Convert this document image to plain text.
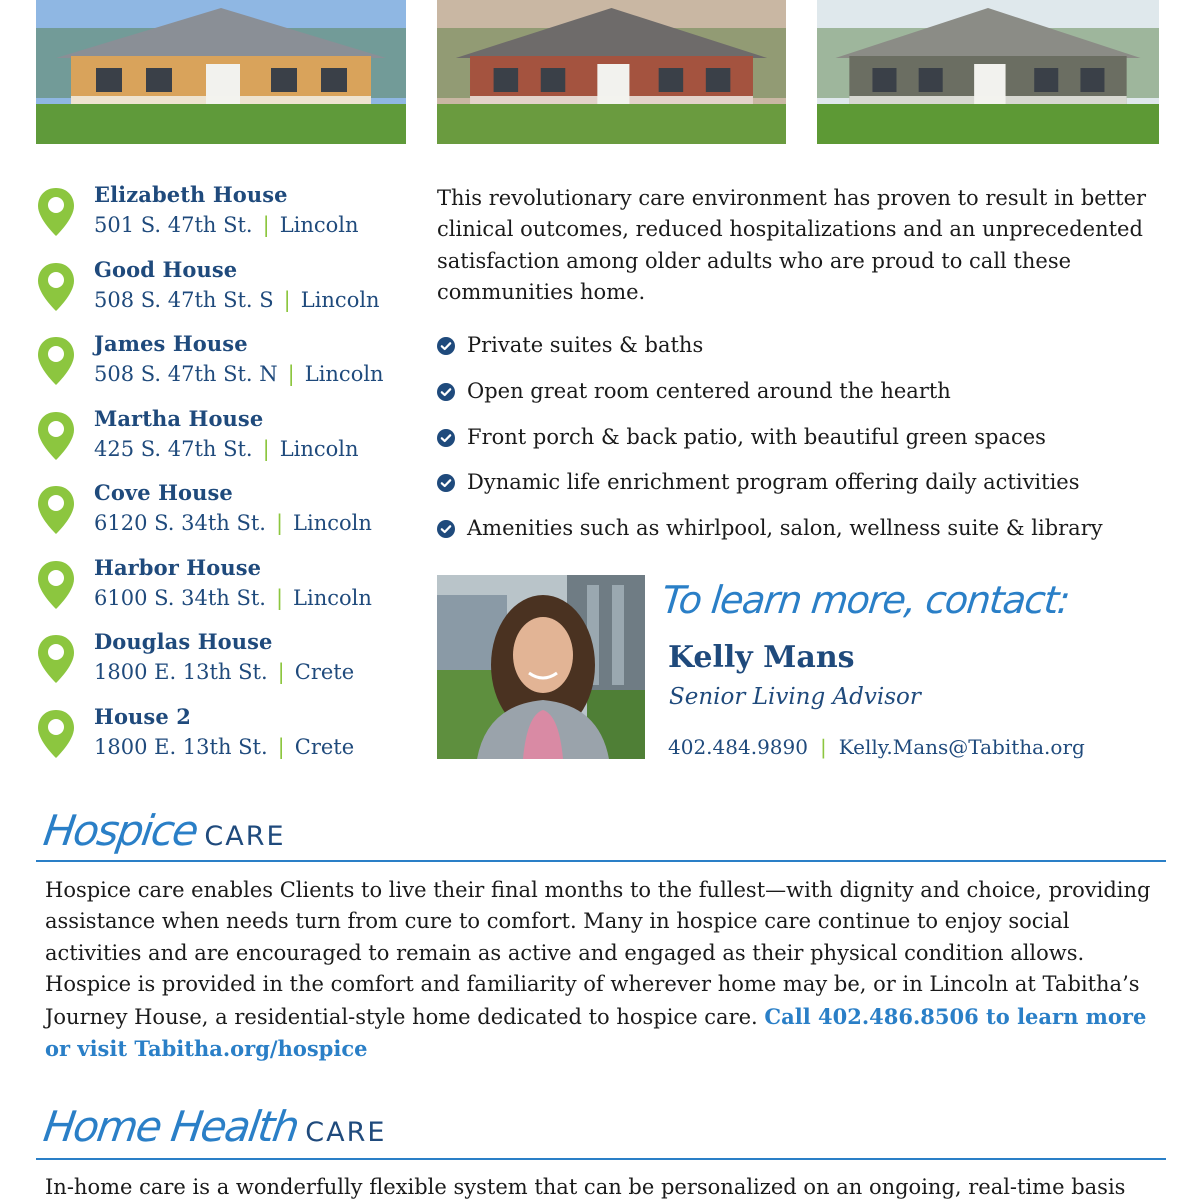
Elizabeth House
501 S. 47th St. | Lincoln
Good House
508 S. 47th St. S | Lincoln
James House
508 S. 47th St. N | Lincoln
Martha House
425 S. 47th St. | Lincoln
Cove House
6120 S. 34th St. | Lincoln
Harbor House
6100 S. 34th St. | Lincoln
Douglas House
1800 E. 13th St. | Crete
House 2
1800 E. 13th St. | Crete

This revolutionary care environment has proven to result in better clinical outcomes, reduced hospitalizations and an unprecedented satisfaction among older adults who are proud to call these communities home.

Private suites & baths
Open great room centered around the hearth
Front porch & back patio, with beautiful green spaces
Dynamic life enrichment program offering daily activities
Amenities such as whirlpool, salon, wellness suite & library
To learn more, contact:
Kelly Mans
Senior Living Advisor
402.484.9890 | Kelly.Mans@Tabitha.org
Hospice CARE

Hospice care enables Clients to live their final months to the fullest—with dignity and choice, providing assistance when needs turn from cure to comfort. Many in hospice care continue to enjoy social activities and are encouraged to remain as active and engaged as their physical condition allows. Hospice is provided in the comfort and familiarity of wherever home may be, or in Lincoln at Tabitha’s Journey House, a residential-style home dedicated to hospice care. Call 402.486.8506 to learn more or visit Tabitha.org/hospice

Home Health CARE

In-home care is a wonderfully flexible system that can be personalized on an ongoing, real-time basis
